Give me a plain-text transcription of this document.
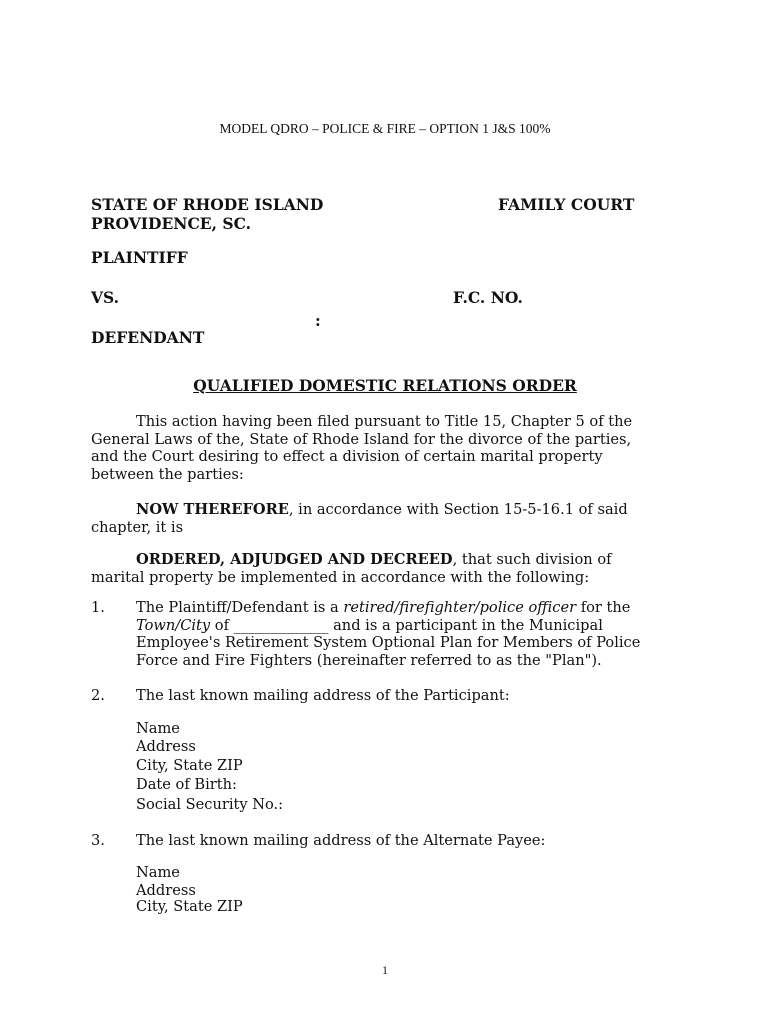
MODEL QDRO – POLICE & FIRE – OPTION 1 J&S 100%
STATE OF RHODE ISLAND	FAMILY COURT
PROVIDENCE, SC.
PLAINTIFF
VS.	F.C. NO.
:
DEFENDANT
QUALIFIED DOMESTIC RELATIONS ORDER
This action having been filed pursuant to Title 15, Chapter 5 of the General Laws of the, State of Rhode Island for the divorce of the parties, and the Court desiring to effect a division of certain marital property between the parties:
NOW THEREFORE, in accordance with Section 15-5-16.1 of said chapter, it is
ORDERED, ADJUDGED AND DECREED, that such division of marital property be implemented in accordance with the following:
1. The Plaintiff/Defendant is a retired/firefighter/police officer for the Town/City of _____________ and is a participant in the Municipal Employee's Retirement System Optional Plan for Members of Police Force and Fire Fighters (hereinafter referred to as the "Plan").
2. The last known mailing address of the Participant:
Name
Address
City, State ZIP
Date of Birth:
Social Security No.:
3. The last known mailing address of the Alternate Payee:
Name
Address
City, State ZIP
1
